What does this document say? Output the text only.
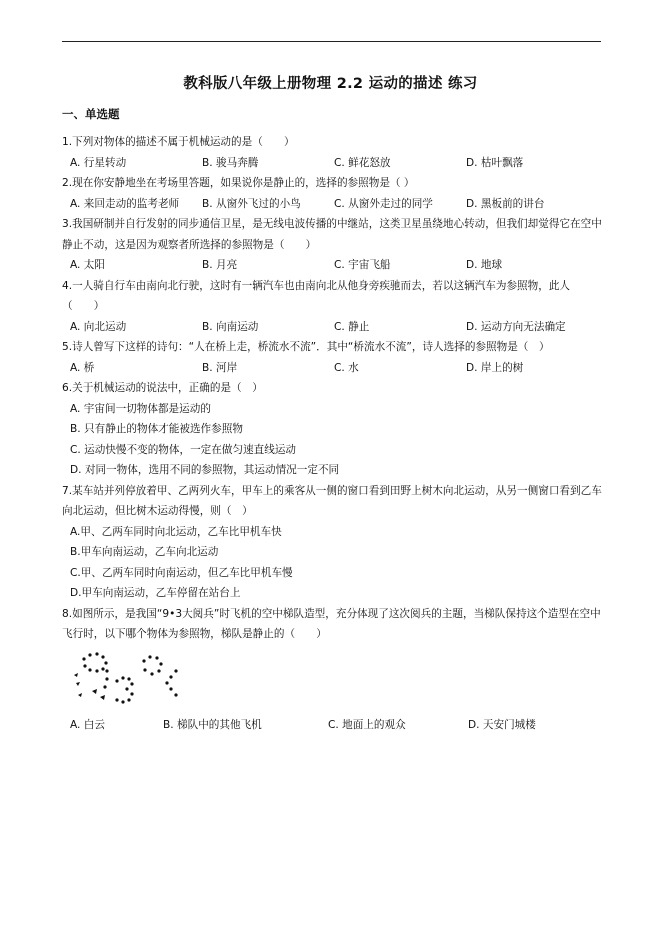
教科版八年级上册物理 2.2 运动的描述 练习
一、单选题

1.下列对物体的描述不属于机械运动的是（　　）

A. 行星转动	B. 骏马奔腾	C. 鲜花怒放	D. 枯叶飘落

2.现在你安静地坐在考场里答题，如果说你是静止的，选择的参照物是（ ）

A. 来回走动的监考老师	B. 从窗外飞过的小鸟	C. 从窗外走过的同学	D. 黑板前的讲台

3.我国研制并自行发射的同步通信卫星，是无线电波传播的中继站，这类卫星虽绕地心转动，但我们却觉得它在空中静止不动，这是因为观察者所选择的参照物是（　　）

A. 太阳	B. 月亮	C. 宇宙飞船	D. 地球

4.一人骑自行车由南向北行驶，这时有一辆汽车也由南向北从他身旁疾驰而去，若以这辆汽车为参照物，此人（　　）

A. 向北运动	B. 向南运动	C. 静止	D. 运动方向无法确定

5.诗人曾写下这样的诗句：“人在桥上走，桥流水不流”．其中“桥流水不流”，诗人选择的参照物是（　）

A. 桥	B. 河岸	C. 水	D. 岸上的树

6.关于机械运动的说法中，正确的是（　）

A. 宇宙间一切物体都是运动的
B. 只有静止的物体才能被选作参照物
C. 运动快慢不变的物体，一定在做匀速直线运动
D. 对同一物体，选用不同的参照物，其运动情况一定不同

7.某车站并列停放着甲、乙两列火车，甲车上的乘客从一侧的窗口看到田野上树木向北运动，从另一侧窗口看到乙车向北运动，但比树木运动得慢，则（　）

A.甲、乙两车同时向北运动，乙车比甲机车快
B.甲车向南运动，乙车向北运动
C.甲、乙两车同时向南运动，但乙车比甲机车慢
D.甲车向南运动，乙车停留在站台上

8.如图所示，是我国“9•3大阅兵”时飞机的空中梯队造型，充分体现了这次阅兵的主题，当梯队保持这个造型在空中飞行时，以下哪个物体为参照物，梯队是静止的（　　）

A. 白云	B. 梯队中的其他飞机	C. 地面上的观众	D. 天安门城楼
